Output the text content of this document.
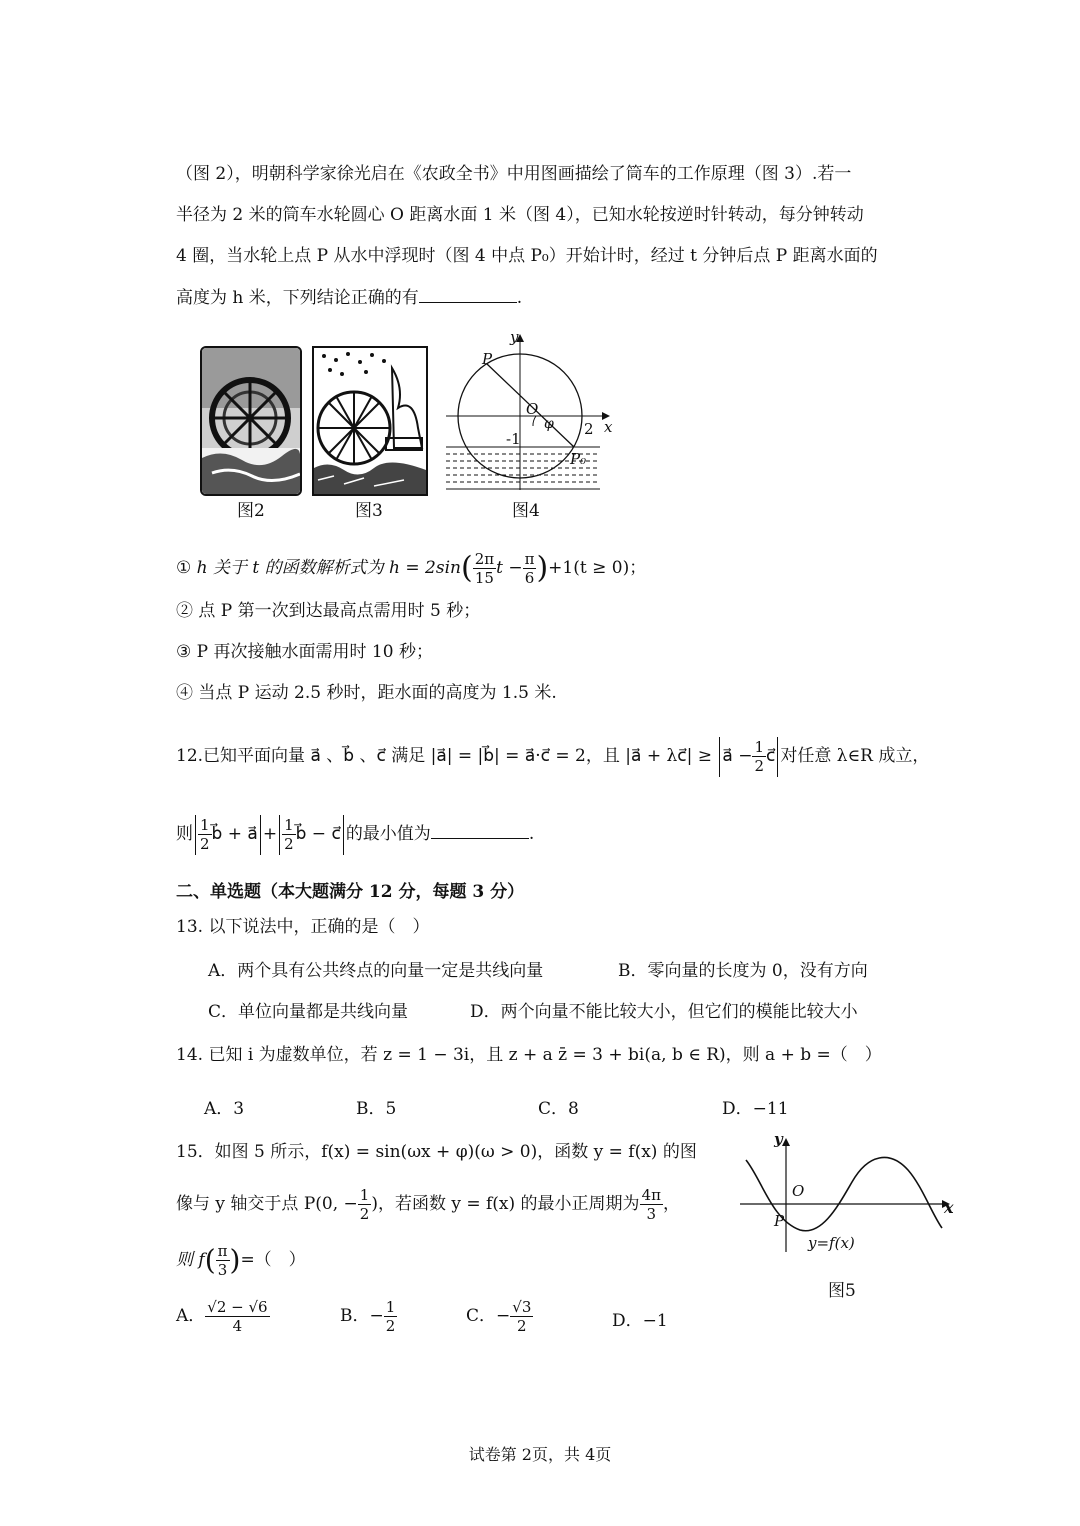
（图 2），明朝科学家徐光启在《农政全书》中用图画描绘了筒车的工作原理（图 3）.若一
半径为 2 米的筒车水轮圆心 O 距离水面 1 米（图 4），已知水轮按逆时针转动，每分钟转动
4 圈，当水轮上点 P 从水中浮现时（图 4 中点 P₀）开始计时，经过 t 分钟后点 P 距离水面的
高度为 h 米，下列结论正确的有	.
图2	图3
y
x
P
O
φ 2
-1
P₀
图4
① h 关于 t 的函数解析式为 $h = 2\sin( \frac{2\pi}{15}$ $t - \frac{\pi}{6} )+1(t \ge 0)$；
② 点 P 第一次到达最高点需用时 5 秒；
③ P 再次接触水面需用时 10 秒；
④ 当点 P 运动 2.5 秒时，距水面的高度为 1.5 米.
12.已知平面向量 a⃗ 、b⃗ 、c⃗ 满足 |a⃗| = |b⃗| = a⃗·c⃗ = 2，且 |a⃗ + λc⃗| ≥ a⃗ − $\frac{1}{2}$ c⃗ 对任意 λ∈R 成立，
则 $\frac{1}{2}$ b⃗ + a⃗ + $\frac{1}{2}$ b⃗ − c⃗ 的最小值为	.
二、单选题（本大题满分 12 分，每题 3 分）
13. 以下说法中，正确的是（　）
A．两个具有公共终点的向量一定是共线向量	B．零向量的长度为 0，没有方向
C．单位向量都是共线向量	D．两个向量不能比较大小，但它们的模能比较大小
14. 已知 i 为虚数单位，若 z = 1 − 3i，且 z + a z̄ = 3 + bi(a, b ∈ R)，则 a + b =（　）
A．3	B．5	C．8	D．−11
15．如图 5 所示，f(x) = sin(ωx + φ)(ω > 0)，函数 y = f(x) 的图
像与 y 轴交于点 P(0, − $\frac{1}{2}$ )，若函数 y = f(x) 的最小正周期为 $\frac{4\pi}{3}$ ，
则 $f( \frac{\pi}{3}$ )=（　）
A． $\frac{√2 - √6}{4}$	B．− $\frac{1}{2}$	C．− $\frac{√3}{2}$	D．−1
y
x
O
P
y=f(x)
图5
试卷第 2页，共 4页
